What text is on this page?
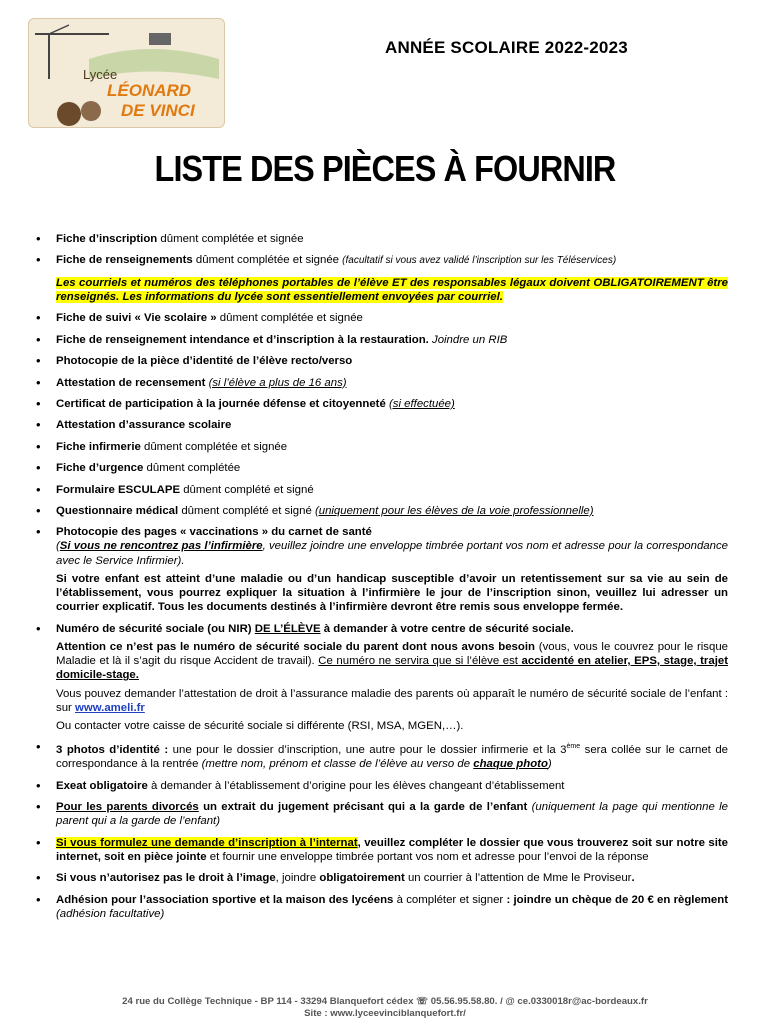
Lycée
LÉONARD
DE VINCI
ANNÉE SCOLAIRE 2022-2023
LISTE DES PIÈCES À FOURNIR
• Fiche d’inscription dûment complétée et signée
• Fiche de renseignements dûment complétée et signée (facultatif si vous avez validé l’inscription sur les Téléservices)
Les courriels et numéros des téléphones portables de l’élève ET des responsables légaux doivent OBLIGATOIREMENT être renseignés. Les informations du lycée sont essentiellement envoyées par courriel.
• Fiche de suivi « Vie scolaire » dûment complétée et signée
• Fiche de renseignement intendance et d’inscription à la restauration. Joindre un RIB
• Photocopie de la pièce d’identité de l’élève recto/verso
• Attestation de recensement (si l’élève a plus de 16 ans)
• Certificat de participation à la journée défense et citoyenneté (si effectuée)
• Attestation d’assurance scolaire
• Fiche infirmerie dûment complétée et signée
• Fiche d’urgence dûment complétée
• Formulaire ESCULAPE dûment complété et signé
• Questionnaire médical dûment complété et signé (uniquement pour les élèves de la voie professionnelle)
• Photocopie des pages « vaccinations » du carnet de santé
(Si vous ne rencontrez pas l’infirmière, veuillez joindre une enveloppe timbrée portant vos nom et adresse pour la correspondance avec le Service Infirmier).
Si votre enfant est atteint d’une maladie ou d’un handicap susceptible d’avoir un retentissement sur sa vie au sein de l’établissement, vous pourrez expliquer la situation à l’infirmière le jour de l’inscription sinon, veuillez lui adresser un courrier explicatif. Tous les documents destinés à l’infirmière devront être remis sous enveloppe fermée.
• Numéro de sécurité sociale (ou NIR) DE L’ÉLÈVE à demander à votre centre de sécurité sociale.
Attention ce n’est pas le numéro de sécurité sociale du parent dont nous avons besoin (vous, vous le couvrez pour le risque Maladie et là il s’agit du risque Accident de travail). Ce numéro ne servira que si l’élève est accidenté en atelier, EPS, stage, trajet domicile-stage.
Vous pouvez demander l’attestation de droit à l’assurance maladie des parents où apparaît le numéro de sécurité sociale de l’enfant : sur www.ameli.fr
Ou contacter votre caisse de sécurité sociale si différente (RSI, MSA, MGEN,…).
• 3 photos d’identité : une pour le dossier d’inscription, une autre pour le dossier infirmerie et la 3ème sera collée sur le carnet de correspondance à la rentrée (mettre nom, prénom et classe de l’élève au verso de chaque photo)
• Exeat obligatoire à demander à l’établissement d’origine pour les élèves changeant d’établissement
• Pour les parents divorcés un extrait du jugement précisant qui a la garde de l’enfant (uniquement la page qui mentionne le parent qui a la garde de l’enfant)
• Si vous formulez une demande d’inscription à l’internat, veuillez compléter le dossier que vous trouverez soit sur notre site internet, soit en pièce jointe et fournir une enveloppe timbrée portant vos nom et adresse pour l’envoi de la réponse
• Si vous n’autorisez pas le droit à l’image, joindre obligatoirement un courrier à l’attention de Mme le Proviseur.
• Adhésion pour l’association sportive et la maison des lycéens à compléter et signer : joindre un chèque de 20 € en règlement (adhésion facultative)
24 rue du Collège Technique - BP 114 - 33294 Blanquefort cédex ☏ 05.56.95.58.80. / @ ce.0330018r@ac-bordeaux.fr
Site : www.lyceevinciblanquefort.fr/
